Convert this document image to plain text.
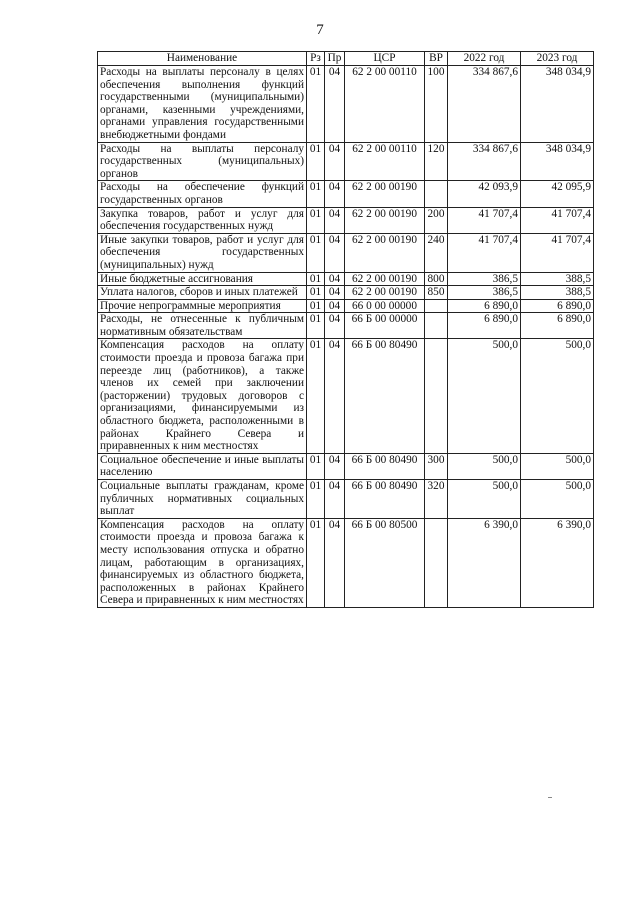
7
Наименование	Рз	Пр	ЦСР	ВР	2022 год	2023 год
Расходы на выплаты персоналу в целях обеспечения выполнения функций государственными (муниципальными) органами, казенными учреждениями, органами управления государственными внебюджетными фондами	01	04	62 2 00 00110	100	334 867,6	348 034,9
Расходы на выплаты персоналу государственных (муниципальных) органов	01	04	62 2 00 00110	120	334 867,6	348 034,9
Расходы на обеспечение функций государственных органов	01	04	62 2 00 00190		42 093,9	42 095,9
Закупка товаров, работ и услуг для обеспечения государственных нужд	01	04	62 2 00 00190	200	41 707,4	41 707,4
Иные закупки товаров, работ и услуг для обеспечения государственных (муниципальных) нужд	01	04	62 2 00 00190	240	41 707,4	41 707,4
Иные бюджетные ассигнования	01	04	62 2 00 00190	800	386,5	388,5
Уплата налогов, сборов и иных платежей	01	04	62 2 00 00190	850	386,5	388,5
Прочие непрограммные мероприятия	01	04	66 0 00 00000		6 890,0	6 890,0
Расходы, не отнесенные к публичным нормативным обязательствам	01	04	66 Б 00 00000		6 890,0	6 890,0
Компенсация расходов на оплату стоимости проезда и провоза багажа при переезде лиц (работников), а также членов их семей при заключении (расторжении) трудовых договоров с организациями, финансируемыми из областного бюджета, расположенными в районах Крайнего Севера и приравненных к ним местностях	01	04	66 Б 00 80490		500,0	500,0
Социальное обеспечение и иные выплаты населению	01	04	66 Б 00 80490	300	500,0	500,0
Социальные выплаты гражданам, кроме публичных нормативных социальных выплат	01	04	66 Б 00 80490	320	500,0	500,0
Компенсация расходов на оплату стоимости проезда и провоза багажа к месту использования отпуска и обратно лицам, работающим в организациях, финансируемых из областного бюджета, расположенных в районах Крайнего Севера и приравненных к ним местностях	01	04	66 Б 00 80500		6 390,0	6 390,0
